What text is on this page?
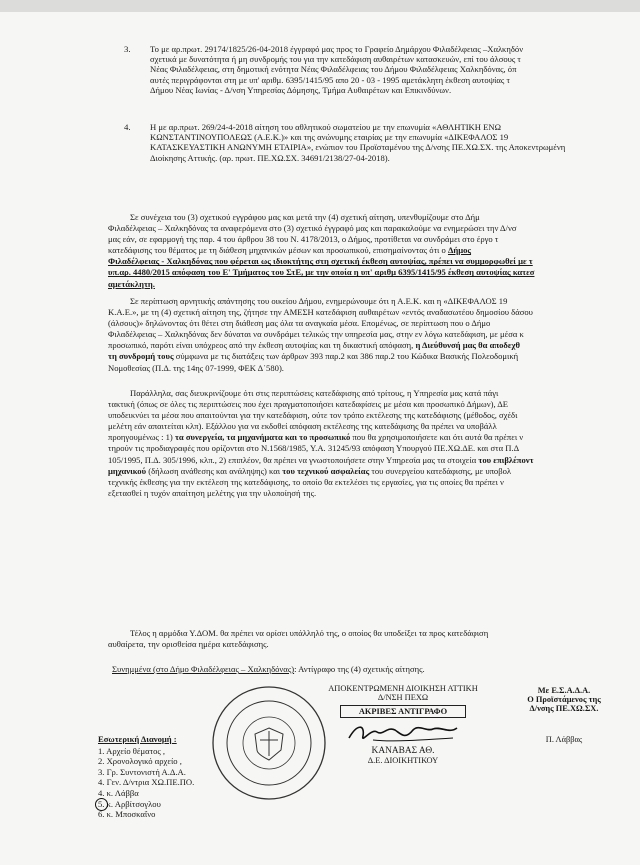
3. Το με αρ.πρωτ. 29174/1825/26-04-2018 έγγραφό μας προς το Γραφείο Δημάρχου Φιλαδέλφειας –Χαλκηδόν
σχετικά με δυνατότητα ή μη συνδρομής του για την κατεδάφιση αυθαιρέτων κατασκευών, επί του άλσους τ
Νέας Φιλαδέλφειας, στη δημοτική ενότητα Νέας Φιλαδέλφειας του Δήμου Φιλαδέλφειας Χαλκηδόνας, όπ
αυτές περιγράφονται στη με υπ' αριθμ. 6395/1415/95 απο 20 - 03 - 1995 αμετάκλητη έκθεση αυτοψίας τ
Δήμου Νέας Ιωνίας - Δ/νση Υπηρεσίας Δόμησης, Τμήμα Αυθαιρέτων και Επικινδύνων.
4. Η με αρ.πρωτ. 269/24-4-2018 αίτηση του αθλητικού σωματείου με την επωνυμία «ΑΘΛΗΤΙΚΗ ΕΝΩ
ΚΩΝΣΤΑΝΤΙΝΟΥΠΟΛΕΩΣ (Α.Ε.Κ.)» και της ανώνυμης εταιρίας με την επωνυμία «ΔΙΚΕΦΑΛΟΣ 19
ΚΑΤΑΣΚΕΥΑΣΤΙΚΗ ΑΝΩΝΥΜΗ ΕΤΑΙΡΙΑ», ενώπιον του Προϊσταμένου της Δ/νσης ΠΕ.ΧΩ.ΣΧ. της Αποκεντρωμένη
Διοίκησης Αττικής. (αρ. πρωτ. ΠΕ.ΧΩ.ΣΧ. 34691/2138/27-04-2018).
Σε συνέχεια του (3) σχετικού εγγράφου μας και μετά την (4) σχετική αίτηση, υπενθυμίζουμε στο Δήμ
Φιλαδέλφειας – Χαλκηδόνας τα αναφερόμενα στο (3) σχετικό έγγραφό μας και παρακαλούμε να ενημερώσει την Δ/νσ
μας εάν, σε εφαρμογή της παρ. 4 του άρθρου 38 του Ν. 4178/2013, ο Δήμος, προτίθεται να συνδράμει στο έργο τ
κατεδάφισης του θέματος με τη διάθεση μηχανικών μέσων και προσωπικού, επισημαίνοντας ότι ο Δήμος
Φιλαδέλφειας - Χαλκηδόνας που φέρεται ως ιδιοκτήτης στη σχετική έκθεση αυτοψίας, πρέπει να συμμορφωθεί με τ
υπ.αρ. 4480/2015 απόφαση του Ε' Τμήματος του ΣτΕ, με την οποία η υπ' αριθμ 6395/1415/95 έκθεση αυτοψίας κατεσ
αμετάκλητη.
Σε περίπτωση αρνητικής απάντησης του οικείου Δήμου, ενημερώνουμε ότι η Α.Ε.Κ. και η «ΔΙΚΕΦΑΛΟΣ 19
Κ.Α.Ε.», με τη (4) σχετική αίτηση της, ζήτησε την ΑΜΕΣΗ κατεδάφιση αυθαιρέτων «εντός αναδασωτέου δημοσίου δάσου
(άλσους)» δηλώνοντας ότι θέτει στη διάθεση μας όλα τα αναγκαία μέσα. Επομένως, σε περίπτωση που ο Δήμο
Φιλαδέλφειας – Χαλκηδόνας δεν δύναται να συνδράμει τελικώς την υπηρεσία μας, στην εν λόγω κατεδάφιση, με μέσα κ
προσωπικό, παρότι είναι υπόχρεος από την έκθεση αυτοψίας και τη δικαστική απόφαση, η Διεύθυνσή μας θα αποδεχθ
τη συνδρομή τους σύμφωνα με τις διατάξεις των άρθρων 393 παρ.2 και 386 παρ.2 του Κώδικα Βασικής Πολεοδομική
Νομοθεσίας (Π.Δ. της 14ης 07-1999, ΦΕΚ Δ΄580).
Παράλληλα, σας διευκρινίζουμε ότι στις περιπτώσεις κατεδάφισης από τρίτους, η Υπηρεσία μας κατά πάγι
τακτική (όπως σε όλες τις περιπτώσεις που έχει πραγματοποιήσει κατεδαφίσεις με μέσα και προσωπικό Δήμων), ΔΕ
υποδεικνύει τα μέσα που απαιτούνται για την κατεδάφιση, ούτε τον τρόπο εκτέλεσης της κατεδάφισης (μέθοδος, σχέδι
μελέτη εάν απαιτείται κλπ). Εξάλλου για να εκδοθεί απόφαση εκτέλεσης της κατεδάφισης θα πρέπει να υποβάλλ
προηγουμένως : 1) τα συνεργεία, τα μηχανήματα και το προσωπικό που θα χρησιμοποιήσετε και ότι αυτά θα πρέπει ν
τηρούν τις προδιαγραφές που ορίζονται στο Ν.1568/1985, Υ.Α. 31245/93 απόφαση Υπουργού ΠΕ.ΧΩ.ΔΕ. και στα Π.Δ
105/1995, Π.Δ. 305/1996, κλπ., 2) επιπλέον, θα πρέπει να γνωστοποιήσετε στην Υπηρεσία μας τα στοιχεία του επιβλέποντ
μηχανικού (δήλωση ανάθεσης και ανάληψης) και του τεχνικού ασφαλείας του συνεργείου κατεδάφισης, με υποβολ
τεχνικής έκθεσης για την εκτέλεση της κατεδάφισης, το οποίο θα εκτελέσει τις εργασίες, για τις οποίες θα πρέπει ν
εξετασθεί η τυχόν απαίτηση μελέτης για την υλοποίησή της.
Τέλος η αρμόδια Υ.ΔΟΜ. θα πρέπει να ορίσει υπάλληλό της, ο οποίος θα υποδείξει τα προς κατεδάφιση
αυθαίρετα, την ορισθείσα ημέρα κατεδάφισης.
Συνημμένα (στο Δήμο Φιλαδέλφειας – Χαλκηδόνας): Αντίγραφο της (4) σχετικής αίτησης.
ΑΠΟΚΕΝΤΡΩΜΕΝΗ ΔΙΟΙΚΗΣΗ ΑΤΤΙΚΗ
Δ/ΝΣΗ ΠΕΧΩ
ΑΚΡΙΒΕΣ ΑΝΤΙΓΡΑΦΟ
ΚΑΝΑΒΑΣ ΑΘ.
Δ.Ε. ΔΙΟΙΚΗΤΙΚΟΥ
Με Ε.Σ.Α.Δ.Α.
Ο Προϊστάμενος της
Δ/νσης ΠΕ.ΧΩ.ΣΧ.
Π. Λάββας
Εσωτερική Διανομή :
1. Αρχείο θέματος ,
2. Χρονολογικό αρχείο ,
3. Γρ. Συντονιστή Α.Δ.Α.
4. Γεν. Δ/ντρια ΧΩ.ΠΕ.ΠΟ.
4. κ. Λάββα
5. κ. Αρβίτσογλου
6. κ. Μποσκαΐνο
